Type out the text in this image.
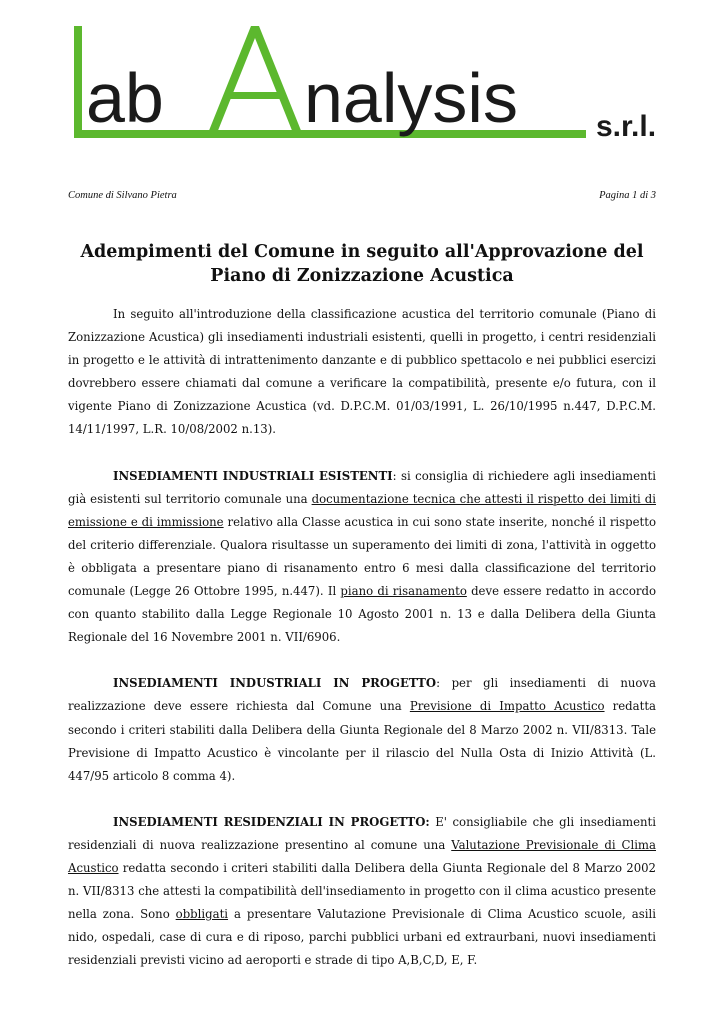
ab nalysis	s.r.l.
Comune di Silvano Pietra	Pagina 1 di 3
Adempimenti del Comune in seguito all'Approvazione del Piano di Zonizzazione Acustica

In seguito all'introduzione della classificazione acustica del territorio comunale (Piano di Zonizzazione Acustica) gli insediamenti industriali esistenti, quelli in progetto, i centri residenziali in progetto e le attività di intrattenimento danzante e di pubblico spettacolo e nei pubblici esercizi dovrebbero essere chiamati dal comune a verificare la compatibilità, presente e/o futura, con il vigente Piano di Zonizzazione Acustica (vd. D.P.C.M. 01/03/1991, L. 26/10/1995 n.447, D.P.C.M. 14/11/1997, L.R. 10/08/2002 n.13).

INSEDIAMENTI INDUSTRIALI ESISTENTI: si consiglia di richiedere agli insediamenti già esistenti sul territorio comunale una documentazione tecnica che attesti il rispetto dei limiti di emissione e di immissione relativo alla Classe acustica in cui sono state inserite, nonché il rispetto del criterio differenziale. Qualora risultasse un superamento dei limiti di zona, l'attività in oggetto è obbligata a presentare piano di risanamento entro 6 mesi dalla classificazione del territorio comunale (Legge 26 Ottobre 1995, n.447). Il piano di risanamento deve essere redatto in accordo con quanto stabilito dalla Legge Regionale 10 Agosto 2001 n. 13 e dalla Delibera della Giunta Regionale del 16 Novembre 2001 n. VII/6906.

INSEDIAMENTI INDUSTRIALI IN PROGETTO: per gli insediamenti di nuova realizzazione deve essere richiesta dal Comune una Previsione di Impatto Acustico redatta secondo i criteri stabiliti dalla Delibera della Giunta Regionale del 8 Marzo 2002 n. VII/8313. Tale Previsione di Impatto Acustico è vincolante per il rilascio del Nulla Osta di Inizio Attività (L. 447/95 articolo 8 comma 4).

INSEDIAMENTI RESIDENZIALI IN PROGETTO: E' consigliabile che gli insediamenti residenziali di nuova realizzazione presentino al comune una Valutazione Previsionale di Clima Acustico redatta secondo i criteri stabiliti dalla Delibera della Giunta Regionale del 8 Marzo 2002 n. VII/8313 che attesti la compatibilità dell'insediamento in progetto con il clima acustico presente nella zona. Sono obbligati a presentare Valutazione Previsionale di Clima Acustico scuole, asili nido, ospedali, case di cura e di riposo, parchi pubblici urbani ed extraurbani, nuovi insediamenti residenziali previsti vicino ad aeroporti e strade di tipo A,B,C,D, E, F.
